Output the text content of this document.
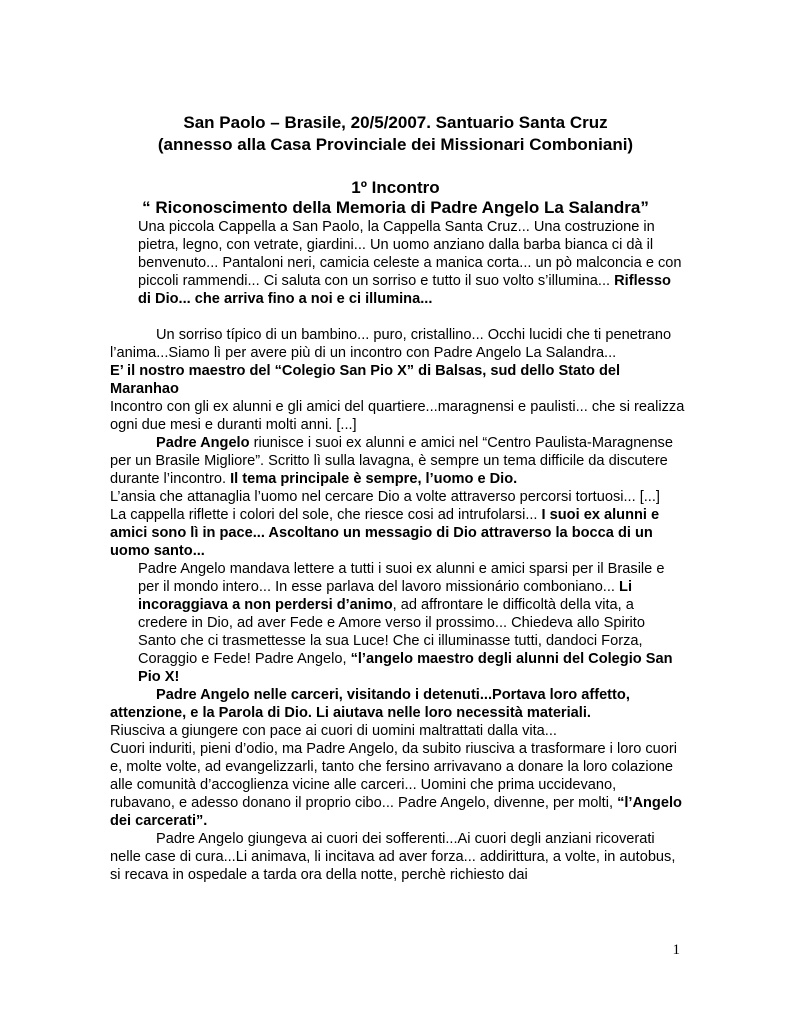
San Paolo – Brasile, 20/5/2007. Santuario Santa Cruz
(annesso alla Casa Provinciale dei Missionari Comboniani)
1º Incontro
“ Riconoscimento della Memoria di Padre Angelo La Salandra”

Una piccola Cappella a San Paolo, la Cappella Santa Cruz... Una costruzione in pietra, legno, con vetrate, giardini... Un uomo anziano dalla barba bianca ci dà il benvenuto... Pantaloni neri, camicia celeste a manica corta... un pò malconcia e con piccoli rammendi... Ci saluta con un sorriso e tutto il suo volto s’illumina... Riflesso di Dio... che arriva fino a noi e ci illumina...

Un sorriso típico di un bambino... puro, cristallino... Occhi lucidi che ti penetrano l’anima...Siamo lì per avere più di un incontro con Padre Angelo La Salandra...

E’ il nostro maestro del “Colegio San Pio X” di Balsas, sud dello Stato del Maranhao

Incontro con gli ex alunni e gli amici del quartiere...maragnensi e paulisti... che si realizza ogni due mesi e duranti molti anni. [...]

Padre Angelo riunisce i suoi ex alunni e amici nel “Centro Paulista-Maragnense per un Brasile Migliore”. Scritto lì sulla lavagna, è sempre un tema difficile da discutere durante l’incontro. Il tema principale è sempre, l’uomo e Dio.

L’ansia che attanaglia l’uomo nel cercare Dio a volte attraverso percorsi tortuosi... [...]

La cappella riflette i colori del sole, che riesce cosi ad intrufolarsi... I suoi ex alunni e amici sono lì in pace... Ascoltano un messagio di Dio attraverso la bocca di un uomo santo...

Padre Angelo mandava lettere a tutti i suoi ex alunni e amici sparsi per il Brasile e per il mondo intero... In esse parlava del lavoro missionário comboniano... Li incoraggiava a non perdersi d’animo, ad affrontare le difficoltà della vita, a credere in Dio, ad aver Fede e Amore verso il prossimo... Chiedeva allo Spirito Santo che ci trasmettesse la sua Luce! Che ci illuminasse tutti, dandoci Forza, Coraggio e Fede! Padre Angelo, “l’angelo maestro degli alunni del Colegio San Pio X!

Padre Angelo nelle carceri, visitando i detenuti...Portava loro affetto, attenzione, e la Parola di Dio. Li aiutava nelle loro necessità materiali.

Riusciva a giungere con pace ai cuori di uomini maltrattati dalla vita...

Cuori induriti, pieni d’odio, ma Padre Angelo, da subito riusciva a trasformare i loro cuori e, molte volte, ad evangelizzarli, tanto che fersino arrivavano a donare la loro colazione alle comunità d’accoglienza vicine alle carceri... Uomini che prima uccidevano, rubavano, e adesso donano il proprio cibo... Padre Angelo, divenne, per molti, “l’Angelo dei carcerati”.

Padre Angelo giungeva ai cuori dei sofferenti...Ai cuori degli anziani ricoverati nelle case di cura...Li animava, li incitava ad aver forza... addirittura, a volte, in autobus, si recava in ospedale a tarda ora della notte, perchè richiesto dai

1
